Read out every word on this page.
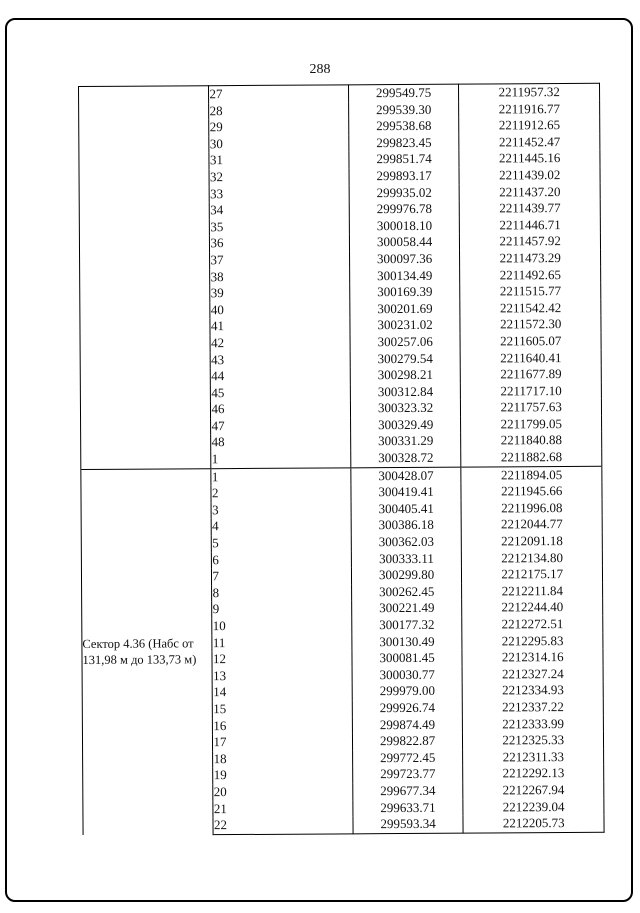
288
	27	299549.75	2211957.32
	28	299539.30	2211916.77
	29	299538.68	2211912.65
	30	299823.45	2211452.47
	31	299851.74	2211445.16
	32	299893.17	2211439.02
	33	299935.02	2211437.20
	34	299976.78	2211439.77
	35	300018.10	2211446.71
	36	300058.44	2211457.92
	37	300097.36	2211473.29
	38	300134.49	2211492.65
	39	300169.39	2211515.77
	40	300201.69	2211542.42
	41	300231.02	2211572.30
	42	300257.06	2211605.07
	43	300279.54	2211640.41
	44	300298.21	2211677.89
	45	300312.84	2211717.10
	46	300323.32	2211757.63
	47	300329.49	2211799.05
	48	300331.29	2211840.88
	1	300328.72	2211882.68
Сектор 4.36 (Набс от 131,98 м до 133,73 м)	1	300428.07	2211894.05
	2	300419.41	2211945.66
	3	300405.41	2211996.08
	4	300386.18	2212044.77
	5	300362.03	2212091.18
	6	300333.11	2212134.80
	7	300299.80	2212175.17
	8	300262.45	2212211.84
	9	300221.49	2212244.40
	10	300177.32	2212272.51
	11	300130.49	2212295.83
	12	300081.45	2212314.16
	13	300030.77	2212327.24
	14	299979.00	2212334.93
	15	299926.74	2212337.22
	16	299874.49	2212333.99
	17	299822.87	2212325.33
	18	299772.45	2212311.33
	19	299723.77	2212292.13
	20	299677.34	2212267.94
	21	299633.71	2212239.04
	22	299593.34	2212205.73
